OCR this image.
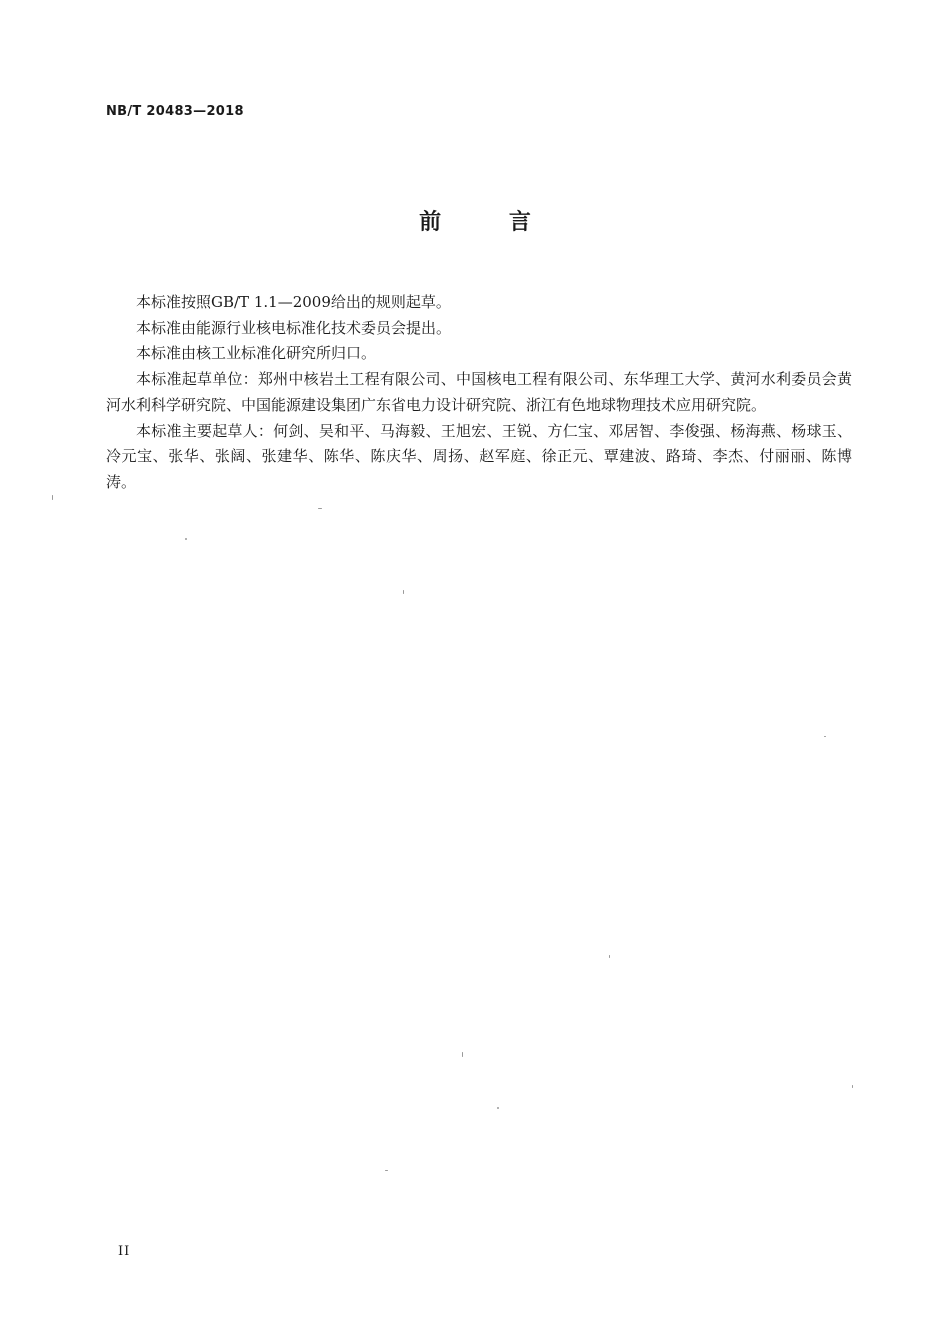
NB/T 20483—2018
前 言

本标准按照GB/T 1.1—2009给出的规则起草。

本标准由能源行业核电标准化技术委员会提出。

本标准由核工业标准化研究所归口。

本标准起草单位：郑州中核岩土工程有限公司、中国核电工程有限公司、东华理工大学、黄河水利委员会黄河水利科学研究院、中国能源建设集团广东省电力设计研究院、浙江有色地球物理技术应用研究院。

本标准主要起草人：何剑、吴和平、马海毅、王旭宏、王锐、方仁宝、邓居智、李俊强、杨海燕、杨球玉、冷元宝、张华、张阔、张建华、陈华、陈庆华、周扬、赵军庭、徐正元、覃建波、路琦、李杰、付丽丽、陈博涛。

II
